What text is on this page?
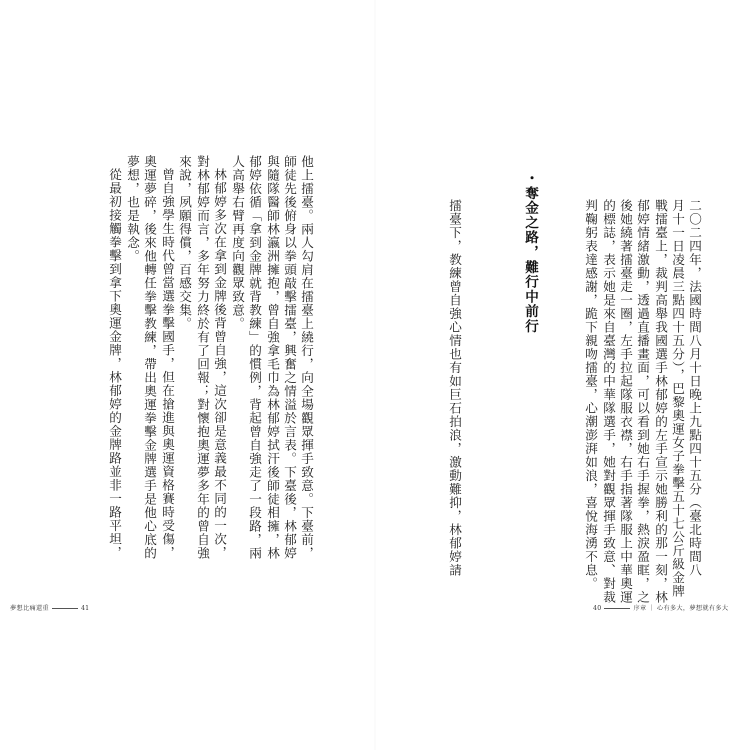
二〇二四年，法國時間八月十日晚上九點四十五分（臺北時間八
月十一日凌晨三點四十五分），巴黎奧運女子拳擊五十七公斤級金牌
戰擂臺上，裁判高舉我國選手林郁婷的左手宣示她勝利的那一刻，林
郁婷情緒激動，透過直播畫面，可以看到她右手握拳，熱淚盈眶，之
後她繞著擂臺走一圈，左手拉起隊服衣襟，右手指著隊服上中華奧運
的標誌，表示她是來自臺灣的中華隊選手，她對觀眾揮手致意、對裁
判鞠躬表達感謝，跪下親吻擂臺，心潮澎湃如浪，喜悅海湧不息。
・奪金之路，難行中前行
擂臺下，教練曾自強心情也有如巨石拍浪，激動難抑，林郁婷請
40	序章 ｜ 心有多大，夢想就有多大
他上擂臺。兩人勾肩在擂臺上繞行，向全場觀眾揮手致意。下臺前，
師徒先後俯身以拳頭敲擊擂臺，興奮之情溢於言表。下臺後，林郁婷
與隨隊醫師林瀛洲擁抱，曾自強拿毛巾為林郁婷拭汗後師徒相擁，林
郁婷依循「拿到金牌就背教練」的慣例，背起曾自強走了一段路，兩
人高舉右臂再度向觀眾致意。
林郁婷多次在拿到金牌後背曾自強，這次卻是意義最不同的一次，
對林郁婷而言，多年努力終於有了回報；對懷抱奧運夢多年的曾自強
來說，夙願得償，百感交集。
曾自強學生時代曾當選拳擊國手，但在搶進與奧運資格賽時受傷，
奧運夢碎，後來他轉任拳擊教練，帶出奧運拳擊金牌選手是他心底的
夢想，也是執念。
從最初接觸拳擊到拿下奧運金牌，林郁婷的金牌路並非一路平坦，
夢想比痛還重	41
